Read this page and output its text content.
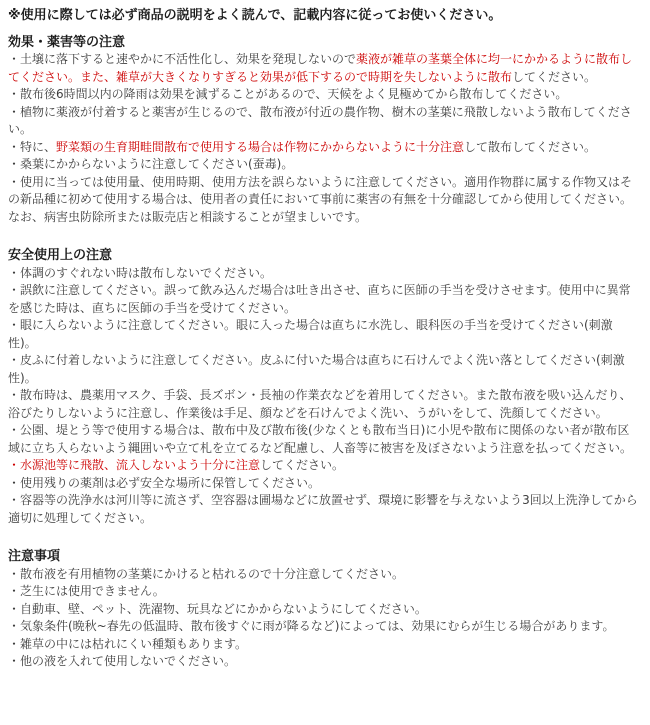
※使用に際しては必ず商品の説明をよく読んで、記載内容に従ってお使いください。

効果・薬害等の注意

・土壌に落下すると速やかに不活性化し、効果を発現しないので薬液が雑草の茎葉全体に均一にかかるように散布してください。また、雑草が大きくなりすぎると効果が低下するので時期を失しないように散布してください。

・散布後6時間以内の降雨は効果を減ずることがあるので、天候をよく見極めてから散布してください。

・植物に薬液が付着すると薬害が生じるので、散布液が付近の農作物、樹木の茎葉に飛散しないよう散布してください。

・特に、野菜類の生育期畦間散布で使用する場合は作物にかからないように十分注意して散布してください。

・桑葉にかからないように注意してください(蚕毒)。

・使用に当っては使用量、使用時期、使用方法を誤らないように注意してください。適用作物群に属する作物又はその新品種に初めて使用する場合は、使用者の責任において事前に薬害の有無を十分確認してから使用してください。なお、病害虫防除所または販売店と相談することが望ましいです。

安全使用上の注意

・体調のすぐれない時は散布しないでください。

・誤飲に注意してください。誤って飲み込んだ場合は吐き出させ、直ちに医師の手当を受けさせます。使用中に異常を感じた時は、直ちに医師の手当を受けてください。

・眼に入らないように注意してください。眼に入った場合は直ちに水洗し、眼科医の手当を受けてください(刺激性)。

・皮ふに付着しないように注意してください。皮ふに付いた場合は直ちに石けんでよく洗い落としてください(刺激性)。

・散布時は、農薬用マスク、手袋、長ズボン・長袖の作業衣などを着用してください。また散布液を吸い込んだり、浴びたりしないように注意し、作業後は手足、顔などを石けんでよく洗い、うがいをして、洗顔してください。

・公園、堤とう等で使用する場合は、散布中及び散布後(少なくとも散布当日)に小児や散布に関係のない者が散布区域に立ち入らないよう縄囲いや立て札を立てるなど配慮し、人畜等に被害を及ぼさないよう注意を払ってください。

・水源池等に飛散、流入しないよう十分に注意してください。

・使用残りの薬剤は必ず安全な場所に保管してください。

・容器等の洗浄水は河川等に流さず、空容器は圃場などに放置せず、環境に影響を与えないよう3回以上洗浄してから適切に処理してください。

注意事項

・散布液を有用植物の茎葉にかけると枯れるので十分注意してください。

・芝生には使用できません。

・自動車、壁、ペット、洗濯物、玩具などにかからないようにしてください。

・気象条件(晩秋~春先の低温時、散布後すぐに雨が降るなど)によっては、効果にむらが生じる場合があります。

・雑草の中には枯れにくい種類もあります。

・他の液を入れて使用しないでください。
